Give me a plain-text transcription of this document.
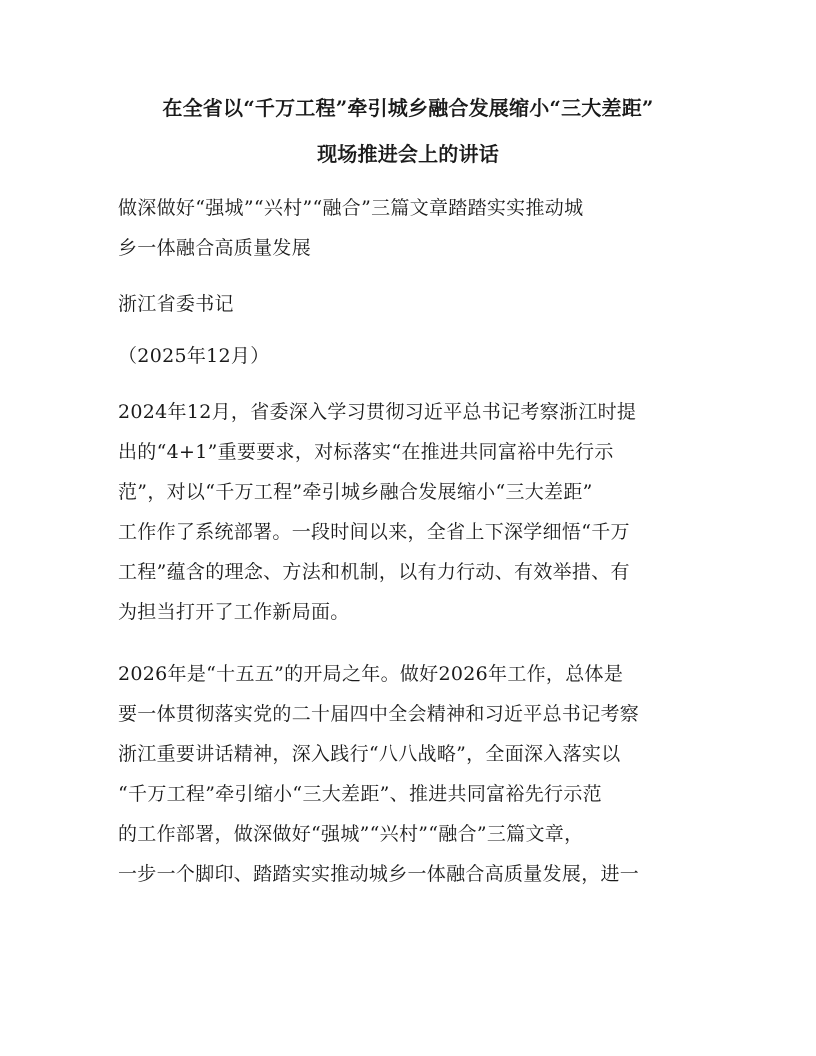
在全省以“千万工程”牵引城乡融合发展缩小“三大差距”
现场推进会上的讲话
做深做好“强城”“兴村”“融合”三篇文章踏踏实实推动城
乡一体融合高质量发展
浙江省委书记
（2025年12月）
2024年12月，省委深入学习贯彻习近平总书记考察浙江时提
出的“4+1”重要要求，对标落实“在推进共同富裕中先行示
范”，对以“千万工程”牵引城乡融合发展缩小“三大差距”
工作作了系统部署。一段时间以来，全省上下深学细悟“千万
工程”蕴含的理念、方法和机制，以有力行动、有效举措、有
为担当打开了工作新局面。
2026年是“十五五”的开局之年。做好2026年工作，总体是
要一体贯彻落实党的二十届四中全会精神和习近平总书记考察
浙江重要讲话精神，深入践行“八八战略”，全面深入落实以
“千万工程”牵引缩小“三大差距”、推进共同富裕先行示范
的工作部署，做深做好“强城”“兴村”“融合”三篇文章，
一步一个脚印、踏踏实实推动城乡一体融合高质量发展，进一
